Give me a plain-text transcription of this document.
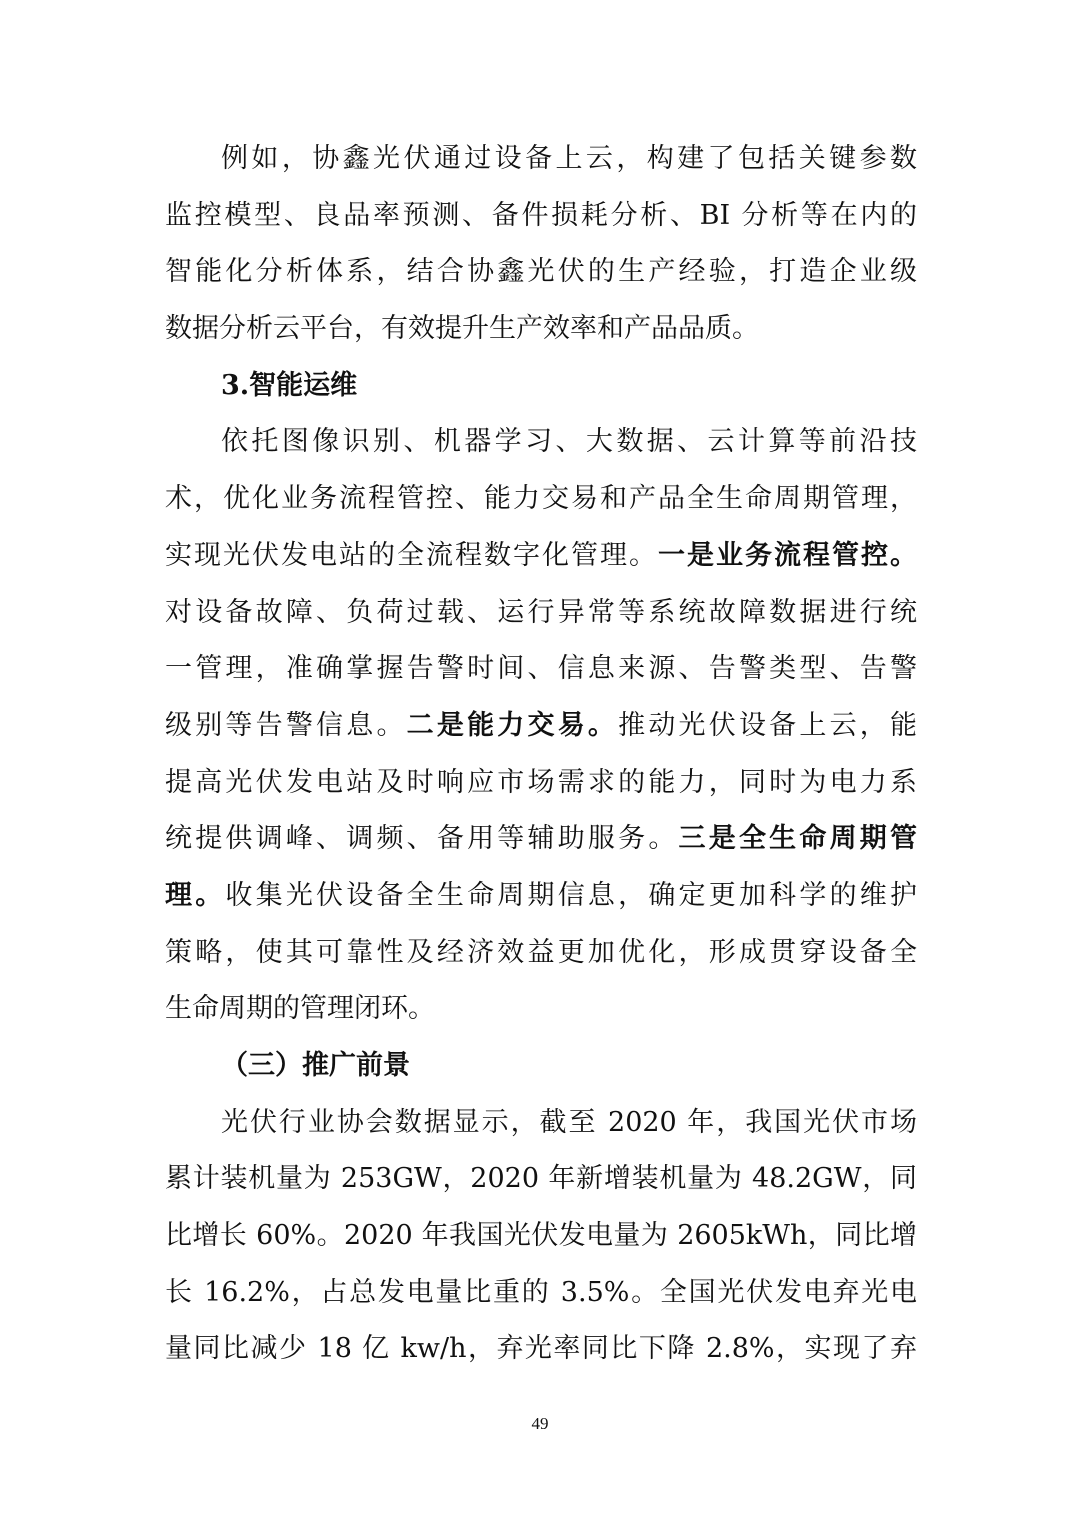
例如，协鑫光伏通过设备上云，构建了包括关键参数
监控模型、良品率预测、备件损耗分析、BI 分析等在内的
智能化分析体系，结合协鑫光伏的生产经验，打造企业级
数据分析云平台，有效提升生产效率和产品品质。
3.智能运维
依托图像识别、机器学习、大数据、云计算等前沿技
术，优化业务流程管控、能力交易和产品全生命周期管理，
实现光伏发电站的全流程数字化管理。一是业务流程管控。
对设备故障、负荷过载、运行异常等系统故障数据进行统
一管理，准确掌握告警时间、信息来源、告警类型、告警
级别等告警信息。二是能力交易。推动光伏设备上云，能
提高光伏发电站及时响应市场需求的能力，同时为电力系
统提供调峰、调频、备用等辅助服务。三是全生命周期管
理。收集光伏设备全生命周期信息，确定更加科学的维护
策略，使其可靠性及经济效益更加优化，形成贯穿设备全
生命周期的管理闭环。
（三）推广前景
光伏行业协会数据显示，截至 2020 年，我国光伏市场
累计装机量为 253GW，2020 年新增装机量为 48.2GW，同
比增长 60%。2020 年我国光伏发电量为 2605kWh，同比增
长 16.2%，占总发电量比重的 3.5%。全国光伏发电弃光电
量同比减少 18 亿 kw/h，弃光率同比下降 2.8%，实现了弃
49
